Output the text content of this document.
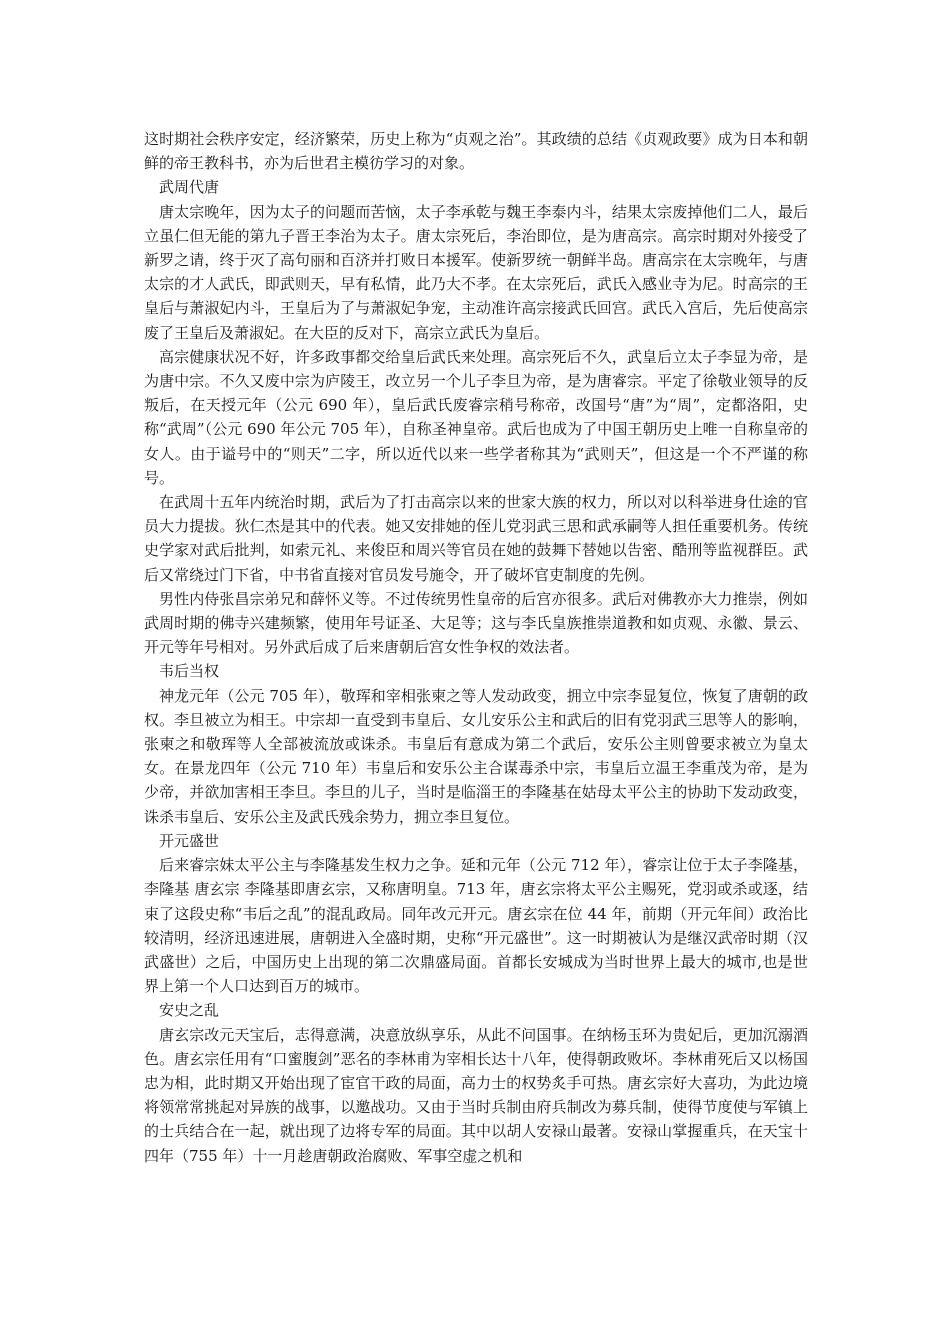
这时期社会秩序安定，经济繁荣，历史上称为“贞观之治”。其政绩的总结《贞观政要》成为日本和朝鲜的帝王教科书，亦为后世君主模彷学习的对象。

武周代唐

唐太宗晚年，因为太子的问题而苦恼，太子李承乾与魏王李泰内斗，结果太宗废掉他们二人，最后立虽仁但无能的第九子晋王李治为太子。唐太宗死后，李治即位，是为唐高宗。高宗时期对外接受了新罗之请，终于灭了高句丽和百济并打败日本援军。使新罗统一朝鲜半岛。唐高宗在太宗晚年，与唐太宗的才人武氏，即武则天，早有私情，此乃大不孝。在太宗死后，武氏入感业寺为尼。时高宗的王皇后与萧淑妃内斗，王皇后为了与萧淑妃争宠，主动准许高宗接武氏回宫。武氏入宫后，先后使高宗废了王皇后及萧淑妃。在大臣的反对下，高宗立武氏为皇后。

高宗健康状况不好，许多政事都交给皇后武氏来处理。高宗死后不久，武皇后立太子李显为帝，是为唐中宗。不久又废中宗为庐陵王，改立另一个儿子李旦为帝，是为唐睿宗。平定了徐敬业领导的反叛后，在天授元年（公元 690 年），皇后武氏废睿宗稍号称帝，改国号“唐”为“周”，定都洛阳，史称“武周”（公元 690 年公元 705 年），自称圣神皇帝。武后也成为了中国王朝历史上唯一自称皇帝的女人。由于谥号中的“则天”二字，所以近代以来一些学者称其为“武则天”，但这是一个不严谨的称号。

在武周十五年内统治时期，武后为了打击高宗以来的世家大族的权力，所以对以科举进身仕途的官员大力提拔。狄仁杰是其中的代表。她又安排她的侄儿党羽武三思和武承嗣等人担任重要机务。传统史学家对武后批判，如索元礼、来俊臣和周兴等官员在她的鼓舞下替她以告密、酷刑等监视群臣。武后又常绕过门下省，中书省直接对官员发号施令，开了破坏官吏制度的先例。

男性内侍张昌宗弟兄和薛怀义等。不过传统男性皇帝的后宫亦很多。武后对佛教亦大力推崇，例如武周时期的佛寺兴建频繁，使用年号证圣、大足等；这与李氏皇族推崇道教和如贞观、永徽、景云、开元等年号相对。另外武后成了后来唐朝后宫女性争权的效法者。

韦后当权

神龙元年（公元 705 年），敬珲和宰相张柬之等人发动政变，拥立中宗李显复位，恢复了唐朝的政权。李旦被立为相王。中宗却一直受到韦皇后、女儿安乐公主和武后的旧有党羽武三思等人的影响，张柬之和敬珲等人全部被流放或诛杀。韦皇后有意成为第二个武后，安乐公主则曾要求被立为皇太女。在景龙四年（公元 710 年）韦皇后和安乐公主合谋毒杀中宗，韦皇后立温王李重茂为帝，是为少帝，并欲加害相王李旦。李旦的儿子，当时是临淄王的李隆基在姑母太平公主的协助下发动政变，诛杀韦皇后、安乐公主及武氏残余势力，拥立李旦复位。

开元盛世

后来睿宗妹太平公主与李隆基发生权力之争。延和元年（公元 712 年），睿宗让位于太子李隆基，李隆基 唐玄宗 李隆基即唐玄宗，又称唐明皇。713 年，唐玄宗将太平公主赐死，党羽或杀或逐，结束了这段史称“韦后之乱”的混乱政局。同年改元开元。唐玄宗在位 44 年，前期（开元年间）政治比较清明，经济迅速进展，唐朝进入全盛时期，史称“开元盛世”。这一时期被认为是继汉武帝时期（汉武盛世）之后，中国历史上出现的第二次鼎盛局面。首都长安城成为当时世界上最大的城市,也是世界上第一个人口达到百万的城市。

安史之乱

唐玄宗改元天宝后，志得意满，决意放纵享乐，从此不问国事。在纳杨玉环为贵妃后，更加沉溺酒色。唐玄宗任用有“口蜜腹剑”恶名的李林甫为宰相长达十八年，使得朝政败坏。李林甫死后又以杨国忠为相，此时期又开始出现了宦官干政的局面，高力士的权势炙手可热。唐玄宗好大喜功，为此边境将领常常挑起对异族的战事，以邀战功。又由于当时兵制由府兵制改为募兵制，使得节度使与军镇上的士兵结合在一起，就出现了边将专军的局面。其中以胡人安禄山最著。安禄山掌握重兵，在天宝十四年（755 年）十一月趁唐朝政治腐败、军事空虚之机和
